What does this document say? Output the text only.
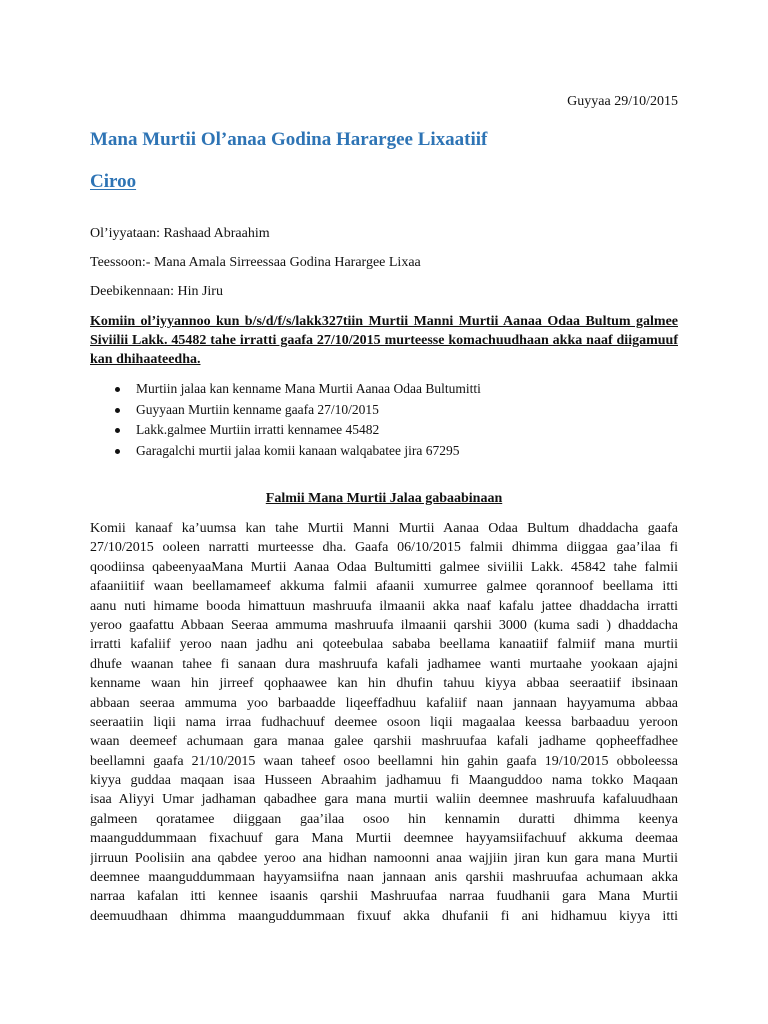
Guyyaa 29/10/2015
Mana Murtii Ol’anaa Godina Harargee Lixaatiif
Ciroo
Ol’iyyataan: Rashaad Abraahim
Teessoon:- Mana Amala Sirreessaa Godina Harargee Lixaa
Deebikennaan: Hin Jiru
Komiin ol’iyyannoo kun b/s/d/f/s/lakk327tiin Murtii Manni Murtii Aanaa Odaa Bultum galmee Siviilii Lakk. 45482 tahe irratti gaafa 27/10/2015 murteesse komachuudhaan akka naaf diigamuuf kan dhihaateedha.
Murtiin jalaa kan kenname Mana Murtii Aanaa Odaa Bultumitti
Guyyaan Murtiin kenname gaafa 27/10/2015
Lakk.galmee Murtiin irratti kennamee 45482
Garagalchi murtii jalaa komii kanaan walqabatee jira 67295
Falmii Mana Murtii Jalaa gabaabinaan
Komii kanaaf ka’uumsa kan tahe Murtii Manni Murtii Aanaa Odaa Bultum dhaddacha gaafa
27/10/2015 ooleen narratti murteesse dha. Gaafa 06/10/2015 falmii dhimma diiggaa gaa’ilaa fi
qoodiinsa qabeenyaaMana Murtii Aanaa Odaa Bultumitti galmee siviilii Lakk. 45842 tahe falmii
afaaniitiif waan beellamameef akkuma falmii afaanii xumurree galmee qorannoof beellama itti
aanu nuti himame booda himattuun mashruufa ilmaanii akka naaf kafalu jattee dhaddacha irratti
yeroo gaafattu Abbaan Seeraa ammuma mashruufa ilmaanii qarshii 3000 (kuma sadi ) dhaddacha
irratti kafaliif yeroo naan jadhu ani qoteebulaa sababa beellama kanaatiif falmiif mana murtii
dhufe waanan tahee fi sanaan dura mashruufa kafali jadhamee wanti murtaahe yookaan ajajni
kenname waan hin jirreef qophaawee kan hin dhufin tahuu kiyya abbaa seeraatiif ibsinaan
abbaan seeraa ammuma yoo barbaadde liqeeffadhuu kafaliif naan jannaan hayyamuma abbaa
seeraatiin liqii nama irraa fudhachuuf deemee osoon liqii magaalaa keessa barbaaduu yeroon
waan deemeef achumaan gara manaa galee qarshii mashruufaa kafali jadhame qopheeffadhee
beellamni gaafa 21/10/2015 waan taheef osoo beellamni hin gahin gaafa 19/10/2015 obboleessa
kiyya guddaa maqaan isaa Husseen Abraahim jadhamuu fi Maanguddoo nama tokko Maqaan
isaa Aliyyi Umar jadhaman qabadhee gara mana murtii waliin deemnee mashruufa kafaluudhaan
galmeen qoratamee diiggaan gaa’ilaa osoo hin kennamin duratti dhimma keenya
maanguddummaan fixachuuf gara Mana Murtii deemnee hayyamsiifachuuf akkuma deemaa
jirruun Poolisiin ana qabdee yeroo ana hidhan namoonni anaa wajjiin jiran kun gara mana Murtii
deemnee maanguddummaan hayyamsiifna naan jannaan anis qarshii mashruufaa achumaan akka
narraa kafalan itti kennee isaanis qarshii Mashruufaa narraa fuudhanii gara Mana Murtii
deemuudhaan dhimma maanguddummaan fixuuf akka dhufanii fi ani hidhamuu kiyya itti
